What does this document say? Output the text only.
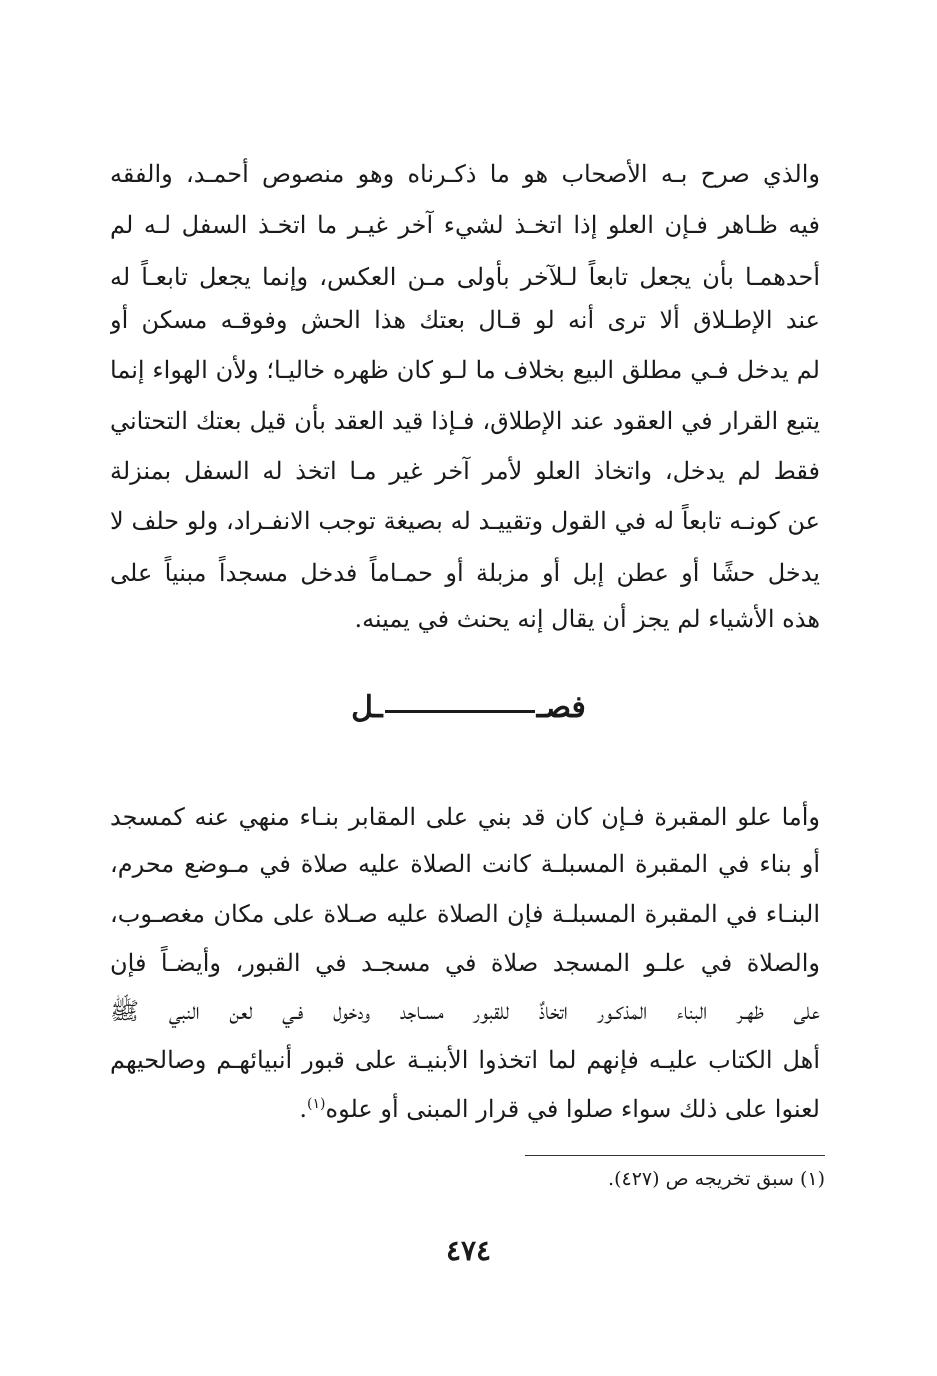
والذي صرح بـه الأصحاب هو ما ذكـرناه وهو منصوص أحمـد، والفقه
فيه ظـاهر فـإن العلو إذا اتخـذ لشيء آخر غيـر ما اتخـذ السفل لـه لم
أحدهمـا بأن يجعل تابعاً لـلآخر بأولى مـن العكس، وإنما يجعل تابعـاً له
عند الإطـلاق ألا ترى أنه لو قـال بعتك هذا الحش وفوقـه مسكن أو
لم يدخل فـي مطلق البيع بخلاف ما لـو كان ظهره خاليـا؛ ولأن الهواء إنما
يتبع القرار في العقود عند الإطلاق، فـإذا قيد العقد بأن قيل بعتك التحتاني
فقط لم يدخل، واتخاذ العلو لأمر آخر غير مـا اتخذ له السفل بمنزلة
عن كونـه تابعاً له في القول وتقييـد له بصيغة توجب الانفـراد، ولو حلف لا
يدخل حشًا أو عطن إبل أو مزبلة أو حمـاماً فدخل مسجداً مبنياً على
هذه الأشياء لم يجز أن يقال إنه يحنث في يمينه.
فصــل
وأما علو المقبرة فـإن كان قد بني على المقابر بنـاء منهي عنه كمسجد
أو بناء في المقبرة المسبلـة كانت الصلاة عليه صلاة في مـوضع محرم،
البنـاء في المقبرة المسبلـة فإن الصلاة عليه صـلاة على مكان مغصـوب،
والصلاة في علـو المسجد صلاة في مسجـد في القبور، وأيضـاً فإن
على ظهـر البناء المذكـور اتخاذٌ للقبور مسـاجد ودخول فـي لعن النبي ﷺ
أهل الكتاب عليـه فإنهم لما اتخذوا الأبنيـة على قبور أنبيائهـم وصالحيهم
لعنوا على ذلك سواء صلوا في قرار المبنى أو علوه$^{(١)}$.
(١) سبق تخريجه ص (٤٢٧).
٤٧٤
